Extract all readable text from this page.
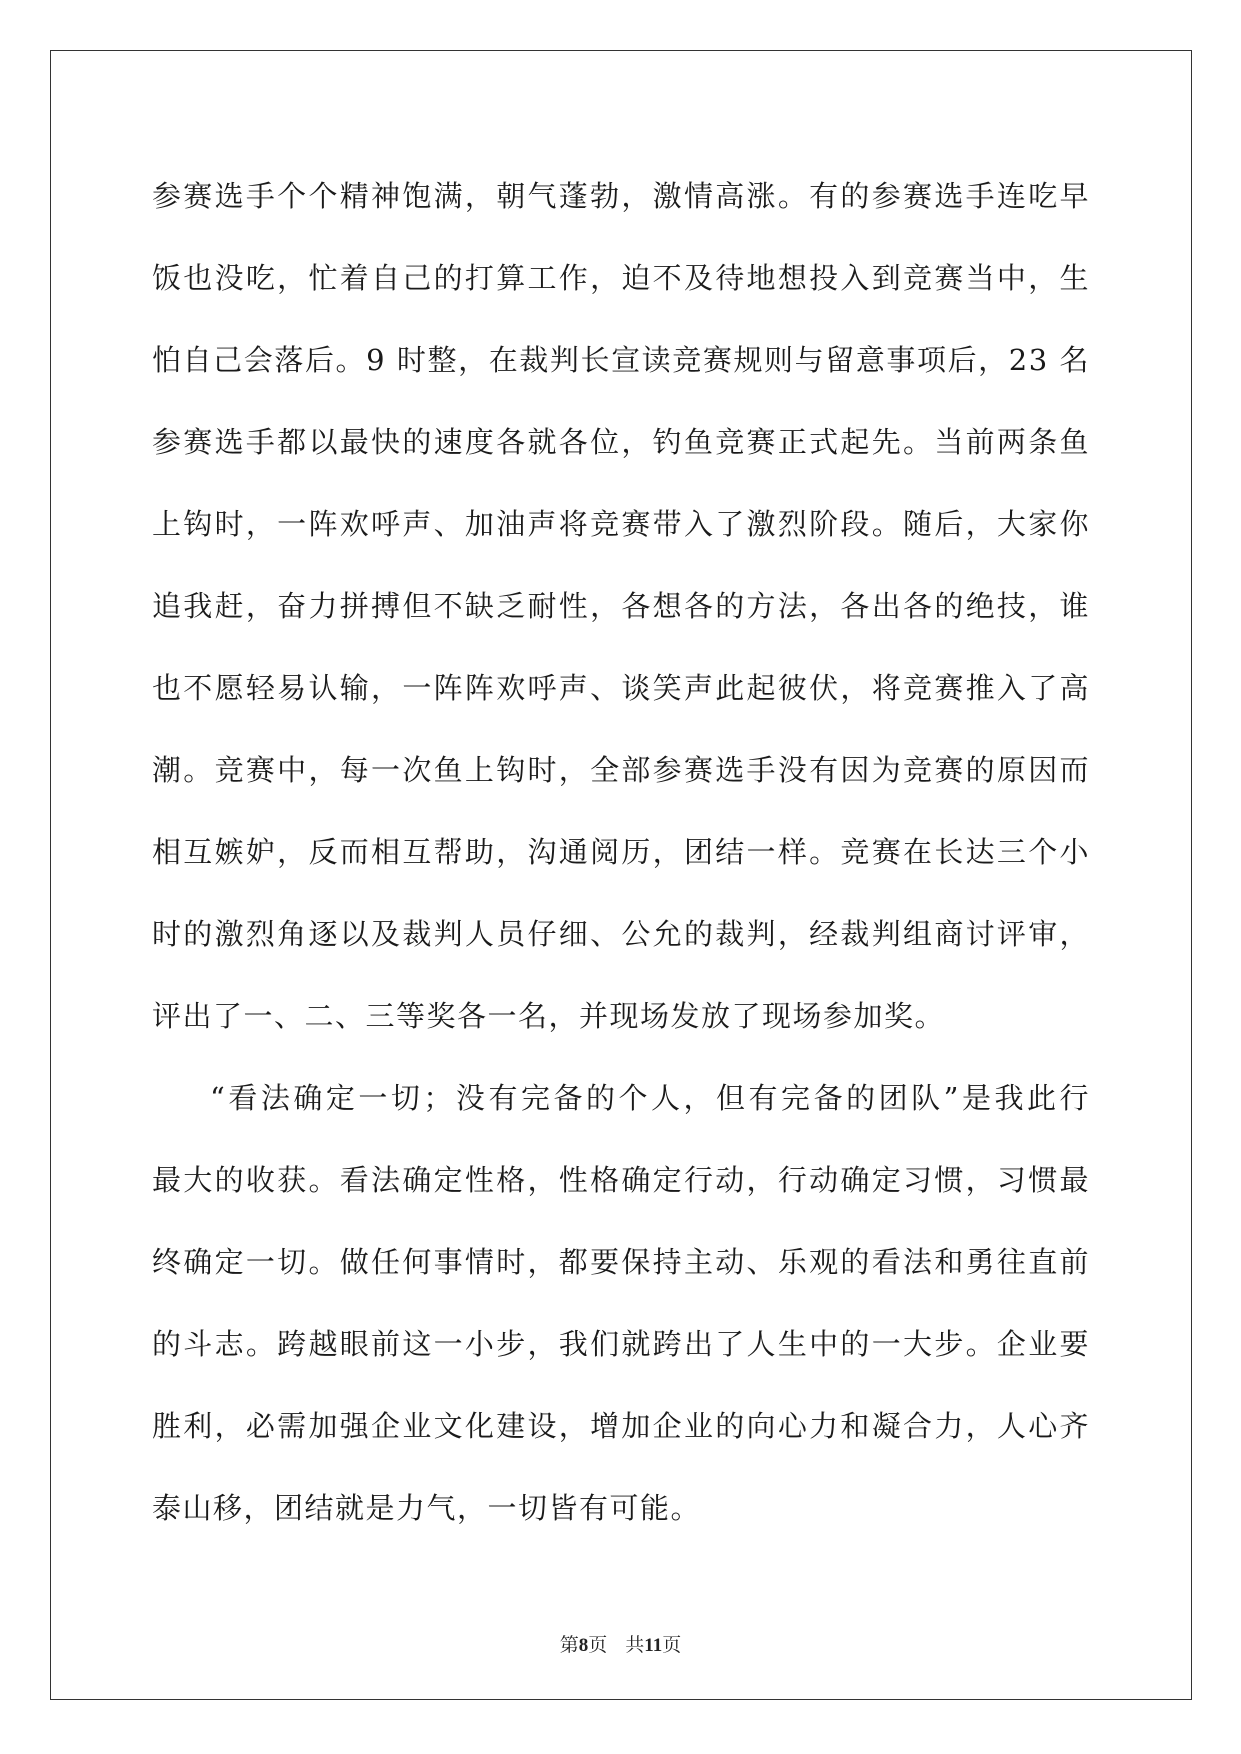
参赛选手个个精神饱满，朝气蓬勃，激情高涨。有的参赛选手连吃早
饭也没吃，忙着自己的打算工作，迫不及待地想投入到竞赛当中，生
怕自己会落后。9 时整，在裁判长宣读竞赛规则与留意事项后，23 名
参赛选手都以最快的速度各就各位，钓鱼竞赛正式起先。当前两条鱼
上钩时，一阵欢呼声、加油声将竞赛带入了激烈阶段。随后，大家你
追我赶，奋力拼搏但不缺乏耐性，各想各的方法，各出各的绝技，谁
也不愿轻易认输，一阵阵欢呼声、谈笑声此起彼伏，将竞赛推入了高
潮。竞赛中，每一次鱼上钩时，全部参赛选手没有因为竞赛的原因而
相互嫉妒，反而相互帮助，沟通阅历，团结一样。竞赛在长达三个小
时的激烈角逐以及裁判人员仔细、公允的裁判，经裁判组商讨评审，
评出了一、二、三等奖各一名，并现场发放了现场参加奖。
“看法确定一切；没有完备的个人，但有完备的团队”是我此行
最大的收获。看法确定性格，性格确定行动，行动确定习惯，习惯最
终确定一切。做任何事情时，都要保持主动、乐观的看法和勇往直前
的斗志。跨越眼前这一小步，我们就跨出了人生中的一大步。企业要
胜利，必需加强企业文化建设，增加企业的向心力和凝合力，人心齐
泰山移，团结就是力气，一切皆有可能。
第8页 共11页
